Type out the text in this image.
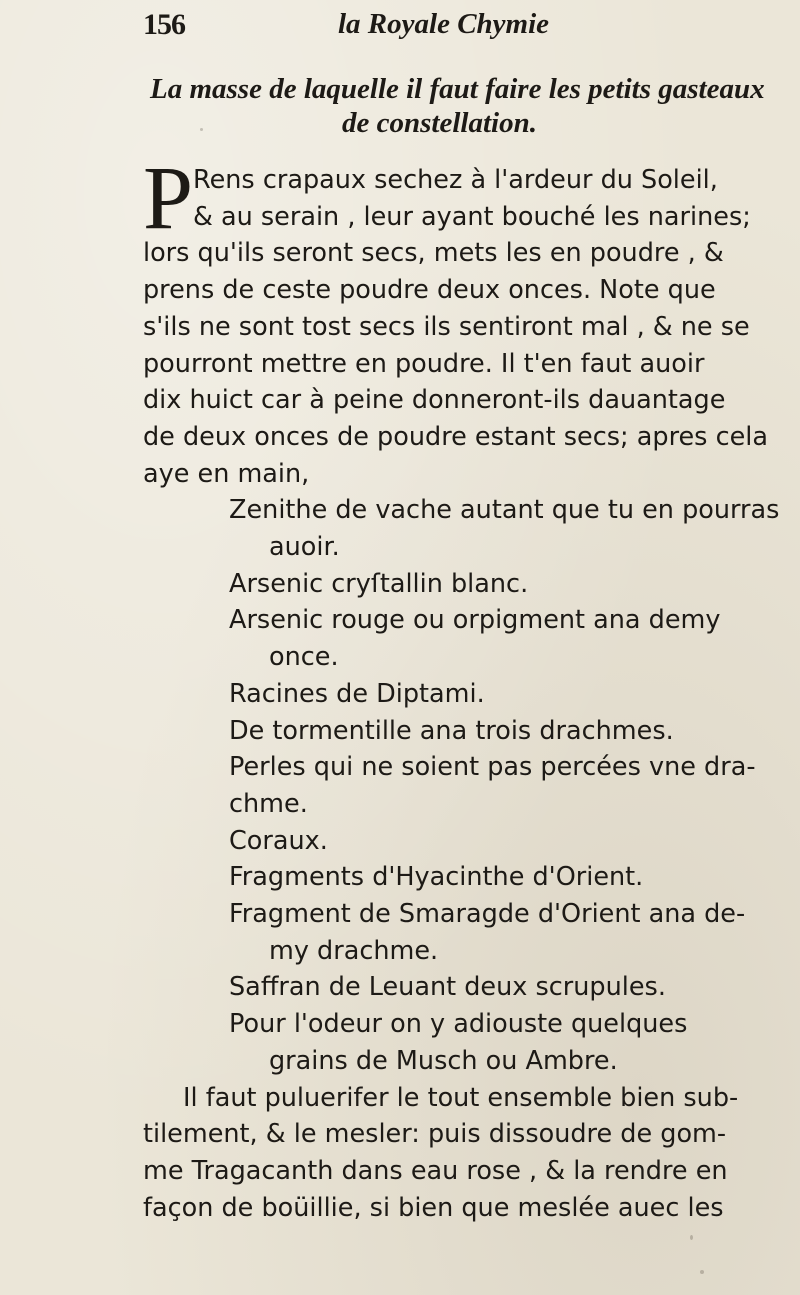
156	la Royale Chymie
La masse de laquelle il faut faire les petits gasteaux
de constellation.
P Rens crapaux sechez à l'ardeur du Soleil,
& au serain , leur ayant bouché les narines;
lors qu'ils seront secs, mets les en poudre , &
prens de ceste poudre deux onces. Note que
s'ils ne sont tost secs ils sentiront mal , & ne se
pourront mettre en poudre. Il t'en faut auoir
dix huict car à peine donneront-ils dauantage
de deux onces de poudre estant secs; apres cela
aye en main,
Zenithe de vache autant que tu en pourras
auoir.
Arsenic cryſtallin blanc.
Arsenic rouge ou orpigment ana demy
once.
Racines de Diptami.
De tormentille ana trois drachmes.
Perles qui ne soient pas percées vne dra-
chme.
Coraux.
Fragments d'Hyacinthe d'Orient.
Fragment de Smaragde d'Orient ana de-
my drachme.
Saffran de Leuant deux scrupules.
Pour l'odeur on y adiouste quelques
grains de Musch ou Ambre.
Il faut puluerifer le tout ensemble bien sub-
tilement, & le mesler: puis dissoudre de gom-
me Tragacanth dans eau rose , & la rendre en
façon de boüillie, si bien que meslée auec les
